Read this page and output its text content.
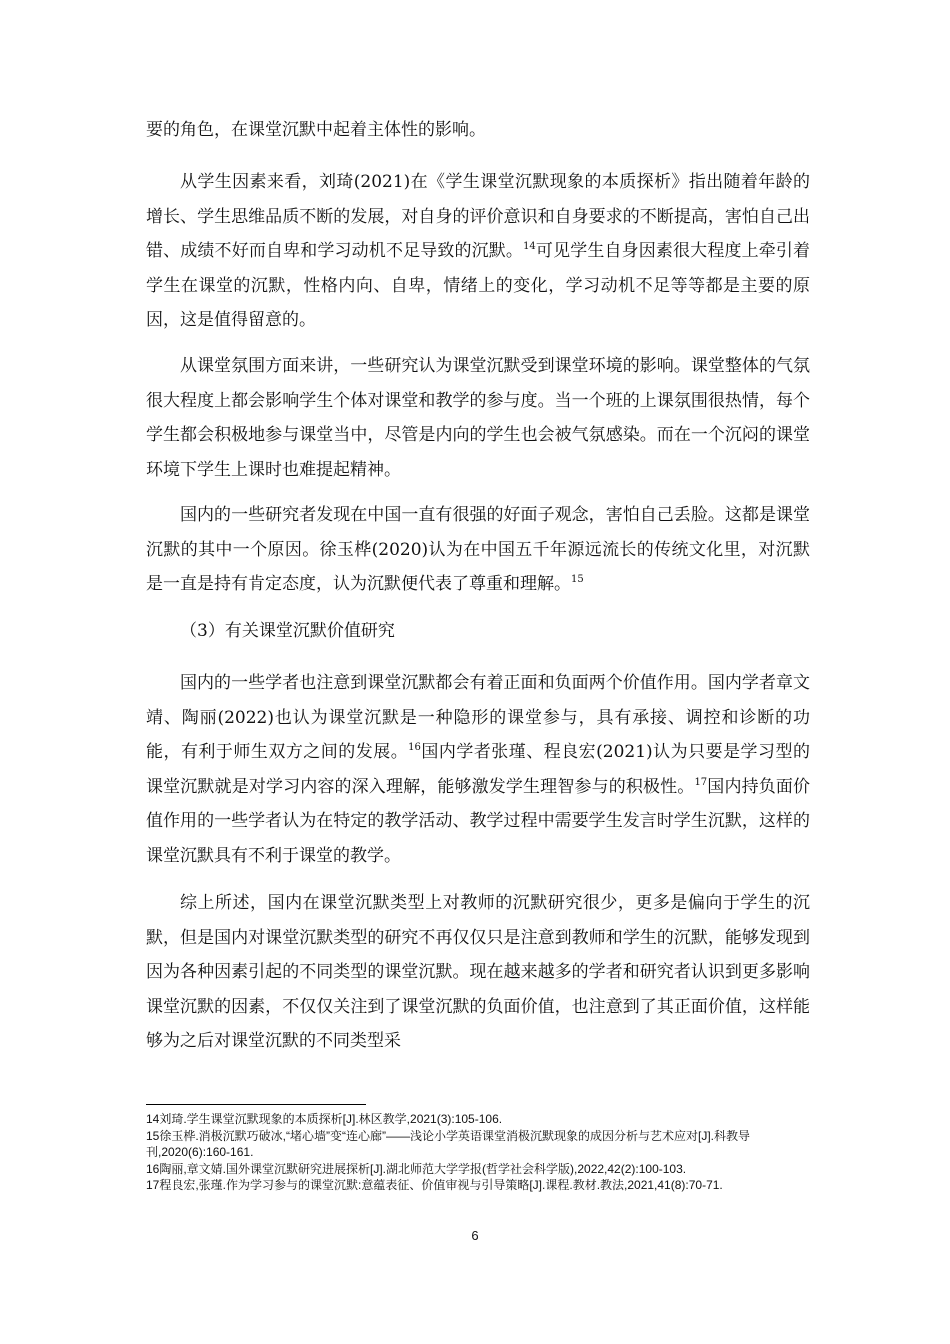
要的角色，在课堂沉默中起着主体性的影响。

从学生因素来看，刘琦(2021)在《学生课堂沉默现象的本质探析》指出随着年龄的增长、学生思维品质不断的发展，对自身的评价意识和自身要求的不断提高，害怕自己出错、成绩不好而自卑和学习动机不足导致的沉默。$^{14}$可见学生自身因素很大程度上牵引着学生在课堂的沉默，性格内向、自卑，情绪上的变化，学习动机不足等等都是主要的原因，这是值得留意的。

从课堂氛围方面来讲，一些研究认为课堂沉默受到课堂环境的影响。课堂整体的气氛很大程度上都会影响学生个体对课堂和教学的参与度。当一个班的上课氛围很热情，每个学生都会积极地参与课堂当中，尽管是内向的学生也会被气氛感染。而在一个沉闷的课堂环境下学生上课时也难提起精神。

国内的一些研究者发现在中国一直有很强的好面子观念，害怕自己丢脸。这都是课堂沉默的其中一个原因。徐玉桦(2020)认为在中国五千年源远流长的传统文化里，对沉默是一直是持有肯定态度，认为沉默便代表了尊重和理解。$^{15}$

（3）有关课堂沉默价值研究

国内的一些学者也注意到课堂沉默都会有着正面和负面两个价值作用。国内学者章文靖、陶丽(2022)也认为课堂沉默是一种隐形的课堂参与，具有承接、调控和诊断的功能，有利于师生双方之间的发展。$^{16}$国内学者张瑾、程良宏(2021)认为只要是学习型的课堂沉默就是对学习内容的深入理解，能够激发学生理智参与的积极性。$^{17}$国内持负面价值作用的一些学者认为在特定的教学活动、教学过程中需要学生发言时学生沉默，这样的课堂沉默具有不利于课堂的教学。

综上所述，国内在课堂沉默类型上对教师的沉默研究很少，更多是偏向于学生的沉默，但是国内对课堂沉默类型的研究不再仅仅只是注意到教师和学生的沉默，能够发现到因为各种因素引起的不同类型的课堂沉默。现在越来越多的学者和研究者认识到更多影响课堂沉默的因素，不仅仅关注到了课堂沉默的负面价值，也注意到了其正面价值，这样能够为之后对课堂沉默的不同类型采

14刘琦.学生课堂沉默现象的本质探析[J].林区教学,2021(3):105-106.

15徐玉桦.消极沉默巧破冰,“堵心墙”变“连心廊”——浅论小学英语课堂消极沉默现象的成因分析与艺术应对[J].科教导刊,2020(6):160-161.

16陶丽,章文婧.国外课堂沉默研究进展探析[J].湖北师范大学学报(哲学社会科学版),2022,42(2):100-103.

17程良宏,张瑾.作为学习参与的课堂沉默:意蕴表征、价值审视与引导策略[J].课程.教材.教法,2021,41(8):70-71.

6
